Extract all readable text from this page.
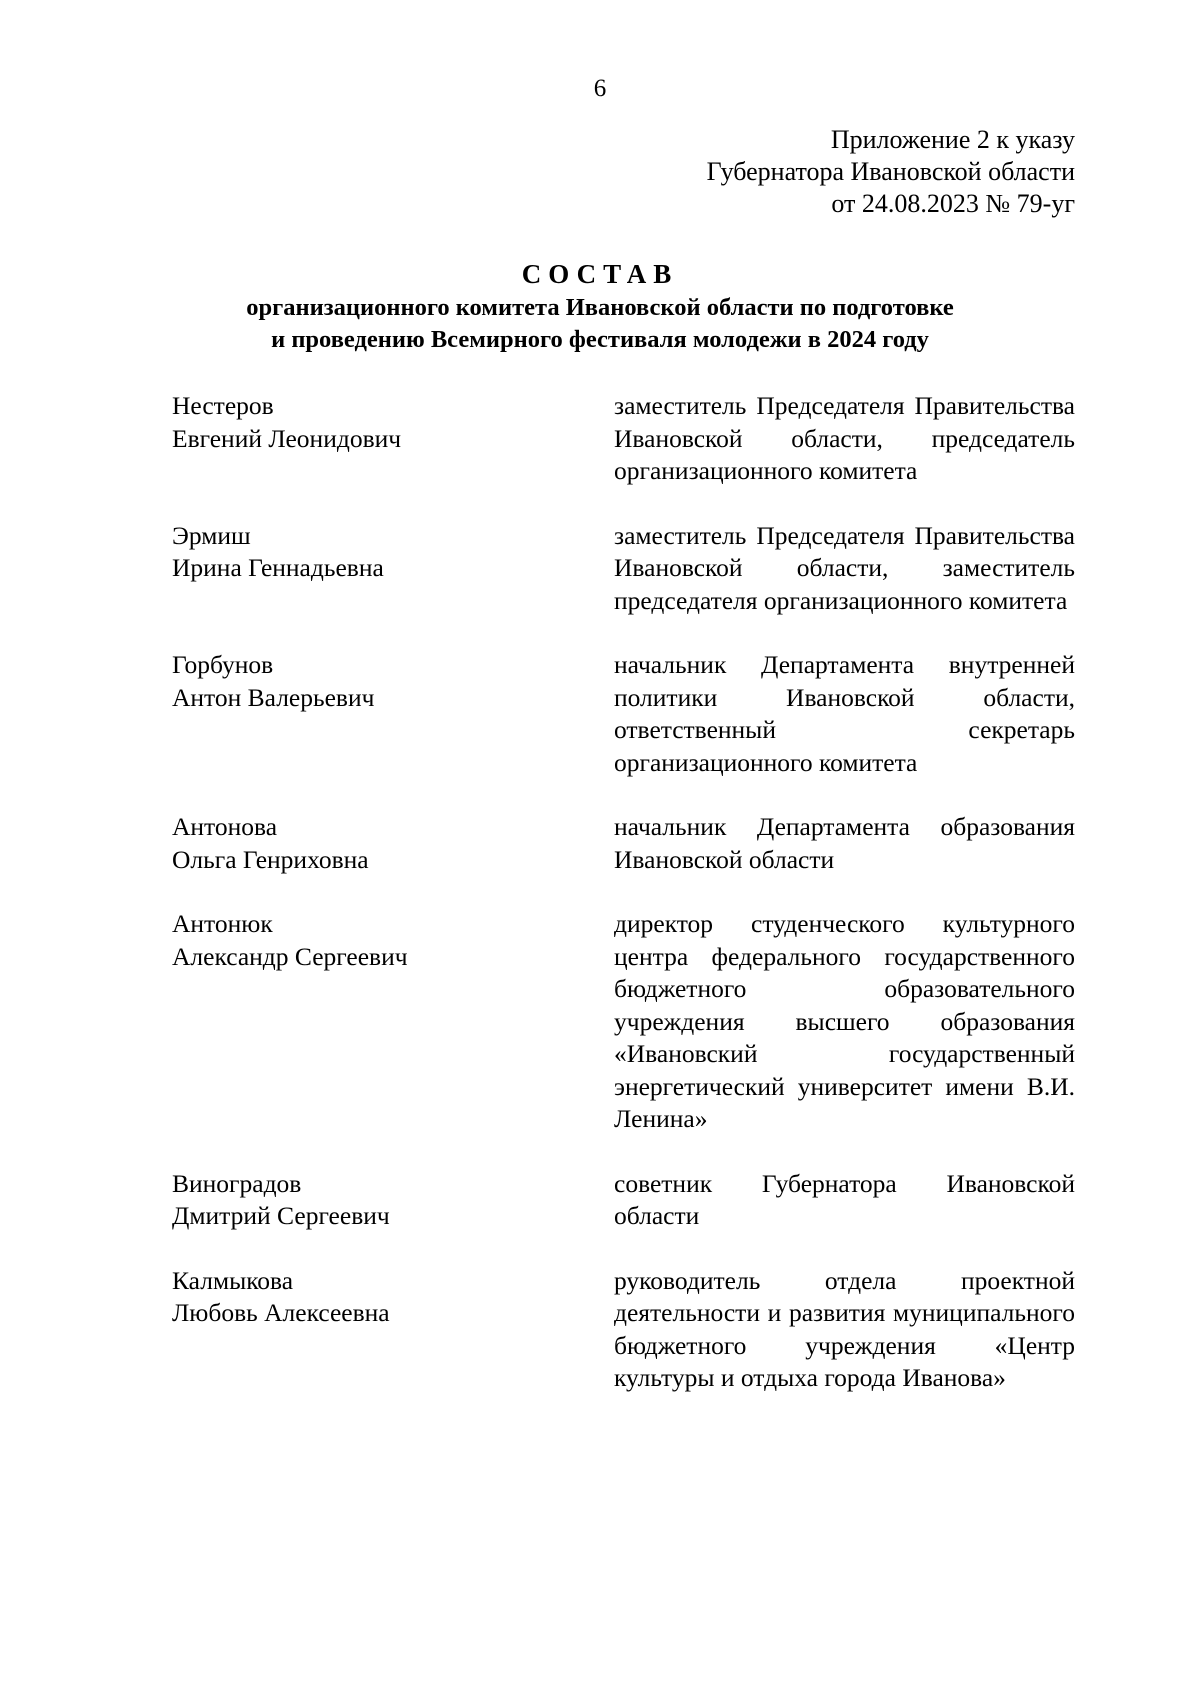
6
Приложение 2 к указу
Губернатора Ивановской области
от 24.08.2023 № 79-уг
СОСТАВ
организационного комитета Ивановской области по подготовке
и проведению Всемирного фестиваля молодежи в 2024 году
Нестеров
Евгений Леонидович
заместитель Председателя Правительства Ивановской области, председатель организационного комитета
Эрмиш
Ирина Геннадьевна
заместитель Председателя Правительства Ивановской области, заместитель председателя организационного комитета
Горбунов
Антон Валерьевич
начальник Департамента внутренней политики Ивановской области, ответственный секретарь организационного комитета
Антонова
Ольга Генриховна
начальник Департамента образования Ивановской области
Антонюк
Александр Сергеевич
директор студенческого культурного центра федерального государственного бюджетного образовательного учреждения высшего образования «Ивановский государственный энергетический университет имени В.И. Ленина»
Виноградов
Дмитрий Сергеевич
советник Губернатора Ивановской области
Калмыкова
Любовь Алексеевна
руководитель отдела проектной деятельности и развития муниципального бюджетного учреждения «Центр культуры и отдыха города Иванова»
